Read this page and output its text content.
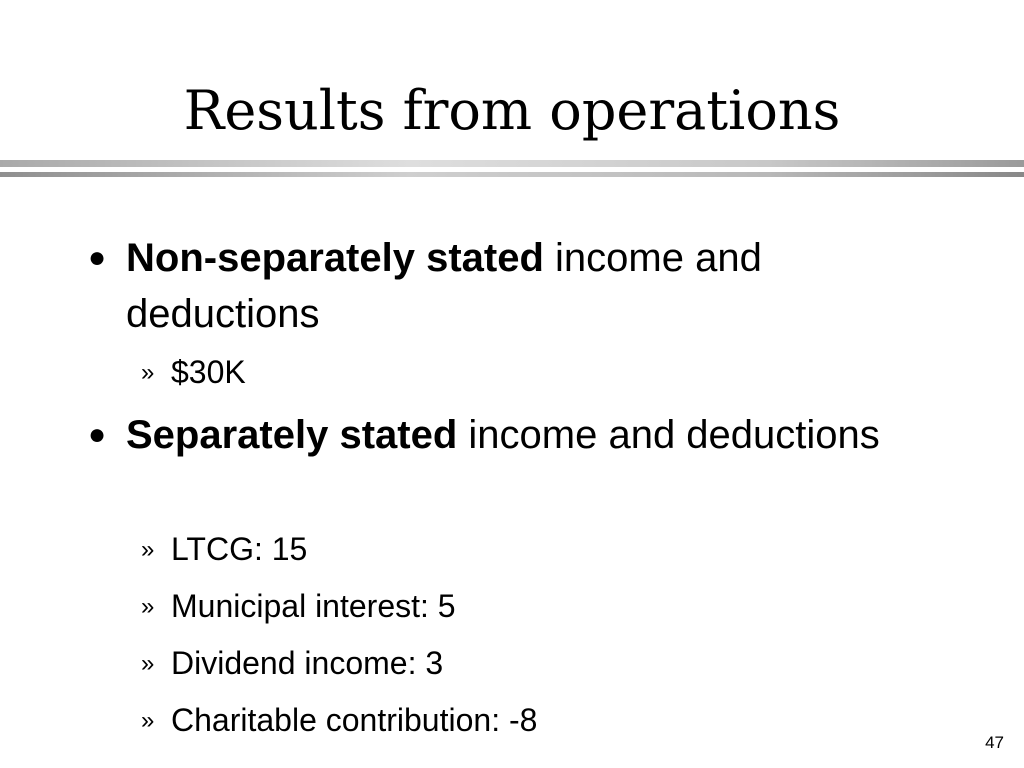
Results from operations
● Non-separately stated income and deductions
» $30K
● Separately stated income and deductions
» LTCG: 15
» Municipal interest: 5
» Dividend income: 3
» Charitable contribution: -8
47
